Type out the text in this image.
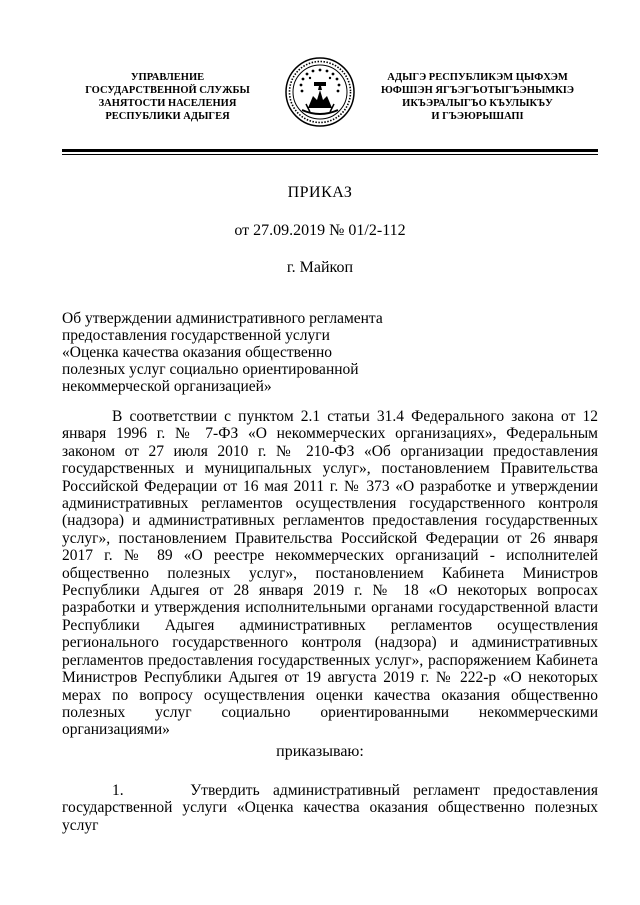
УПРАВЛЕНИЕ
ГОСУДАРСТВЕННОЙ СЛУЖБЫ
ЗАНЯТОСТИ НАСЕЛЕНИЯ
РЕСПУБЛИКИ АДЫГЕЯ
АДЫГЭ РЕСПУБЛИКЭМ ЦЫФХЭМ
ЮФШІЭН ЯГЪЭГЪОТЫГЪЭНЫМКІЭ
ИКЪЭРАЛЫГЪО КЪУЛЫКЪУ
И ГЪЭЮРЫШАПІ
ПРИКАЗ
от 27.09.2019 № 01/2-112
г. Майкоп
Об утверждении административного регламента
предоставления государственной услуги
«Оценка качества оказания общественно
полезных услуг социально ориентированной
некоммерческой организацией»

В соответствии с пунктом 2.1 статьи 31.4 Федерального закона от 12 января 1996 г. № 7-ФЗ «О некоммерческих организациях», Федеральным законом от 27 июля 2010 г. № 210-ФЗ «Об организации предоставления государственных и муниципальных услуг», постановлением Правительства Российской Федерации от 16 мая 2011 г. № 373 «О разработке и утверждении административных регламентов осуществления государственного контроля (надзора) и административных регламентов предоставления государственных услуг», постановлением Правительства Российской Федерации от 26 января 2017 г. № 89 «О реестре некоммерческих организаций - исполнителей общественно полезных услуг», постановлением Кабинета Министров Республики Адыгея от 28 января 2019 г. № 18 «О некоторых вопросах разработки и утверждения исполнительными органами государственной власти Республики Адыгея административных регламентов осуществления регионального государственного контроля (надзора) и административных регламентов предоставления государственных услуг», распоряжением Кабинета Министров Республики Адыгея от 19 августа 2019 г. № 222-р «О некоторых мерах по вопросу осуществления оценки качества оказания общественно полезных услуг социально ориентированными некоммерческими организациями»

приказываю:

1.     Утвердить административный регламент предоставления государственной услуги «Оценка качества оказания общественно полезных услуг
